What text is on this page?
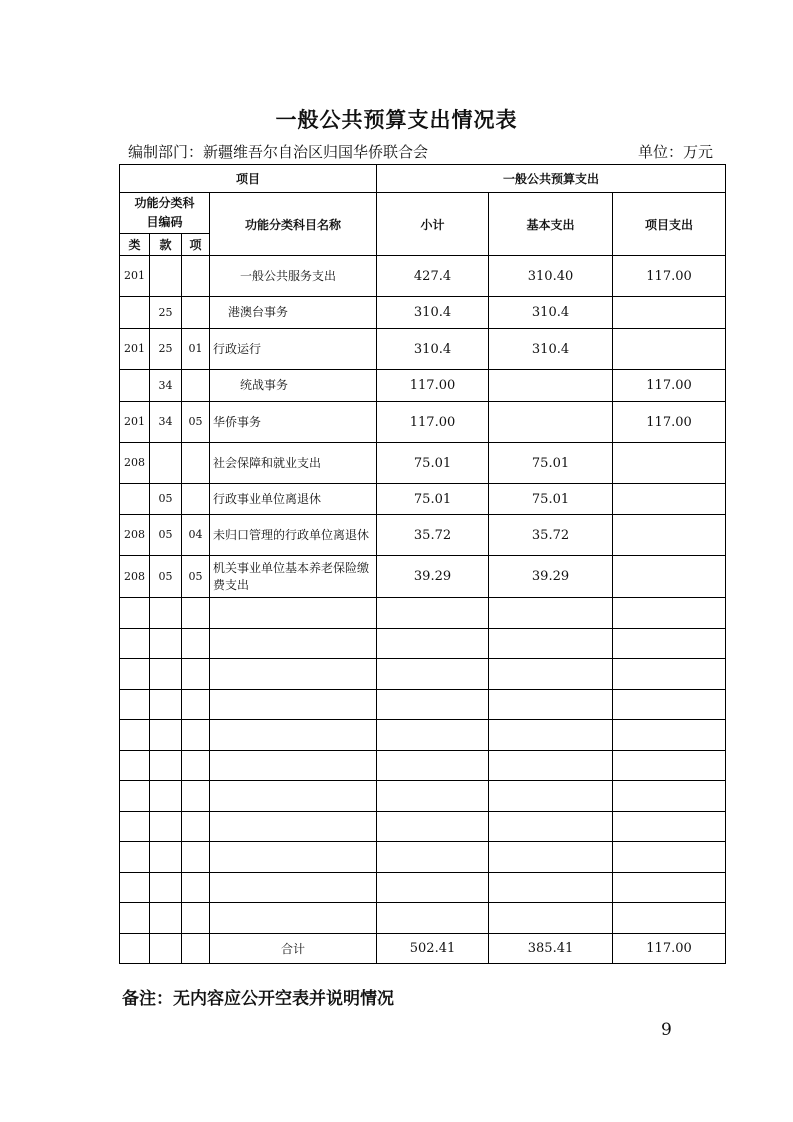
一般公共预算支出情况表
编制部门：新疆维吾尔自治区归国华侨联合会	单位：万元
项目				一般公共预算支出		
功能分类科目编码			功能分类科目名称	小计	基本支出	项目支出
类	款	项				
201			一般公共服务支出	427.4	310.40	117.00
	25		港澳台事务	310.4	310.4	
201	25	01	行政运行	310.4	310.4	
	34		统战事务	117.00		117.00
201	34	05	华侨事务	117.00		117.00
208			社会保障和就业支出	75.01	75.01	
	05		行政事业单位离退休	75.01	75.01	
208	05	04	未归口管理的行政单位离退休	35.72	35.72	
208	05	05	机关事业单位基本养老保险缴费支出	39.29	39.29	

			合计	502.41	385.41	117.00
备注：无内容应公开空表并说明情况
9
